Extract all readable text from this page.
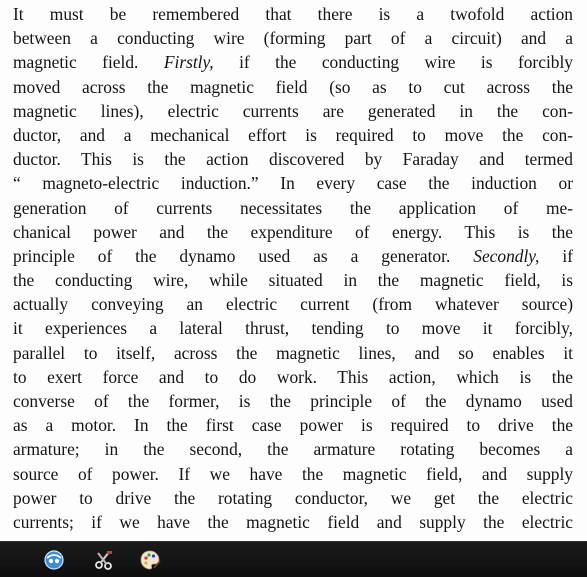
It must be remembered that there is a twofold action
between a conducting wire (forming part of a circuit) and a
magnetic field. Firstly, if the conducting wire is forcibly
moved across the magnetic field (so as to cut across the
magnetic lines), electric currents are generated in the con-
ductor, and a mechanical effort is required to move the con-
ductor. This is the action discovered by Faraday and termed
“ magneto-electric induction.” In every case the induction or
generation of currents necessitates the application of me-
chanical power and the expenditure of energy. This is the
principle of the dynamo used as a generator. Secondly, if
the conducting wire, while situated in the magnetic field, is
actually conveying an electric current (from whatever source)
it experiences a lateral thrust, tending to move it forcibly,
parallel to itself, across the magnetic lines, and so enables it
to exert force and to do work. This action, which is the
converse of the former, is the principle of the dynamo used
as a motor. In the first case power is required to drive the
armature; in the second, the armature rotating becomes a
source of power. If we have the magnetic field, and supply
power to drive the rotating conductor, we get the electric
currents; if we have the magnetic field and supply the electric
